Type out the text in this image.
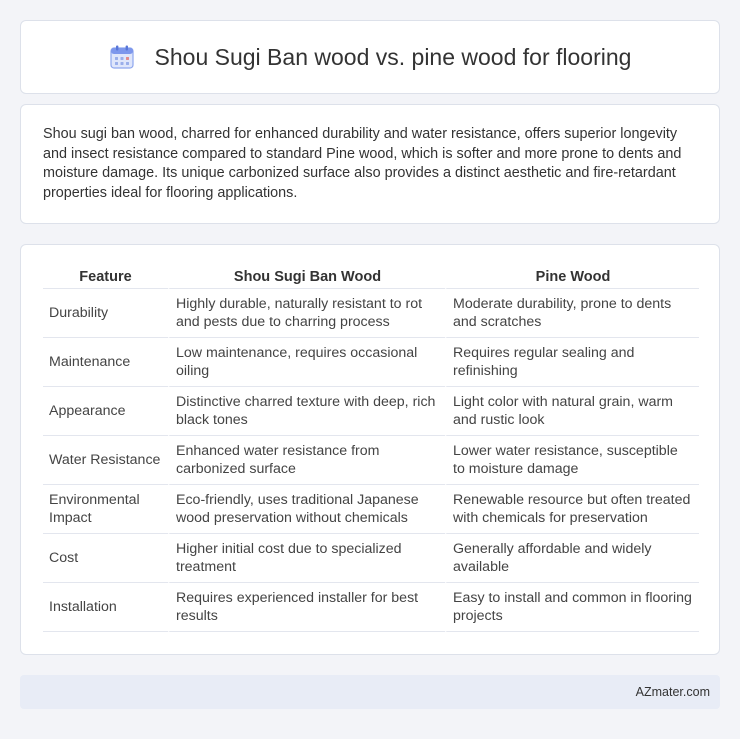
Shou Sugi Ban wood vs. pine wood for flooring

Shou sugi ban wood, charred for enhanced durability and water resistance, offers superior longevity and insect resistance compared to standard Pine wood, which is softer and more prone to dents and moisture damage. Its unique carbonized surface also provides a distinct aesthetic and fire-retardant properties ideal for flooring applications.

Feature	Shou Sugi Ban Wood	Pine Wood
Durability	Highly durable, naturally resistant to rot and pests due to charring process	Moderate durability, prone to dents and scratches
Maintenance	Low maintenance, requires occasional oiling	Requires regular sealing and refinishing
Appearance	Distinctive charred texture with deep, rich black tones	Light color with natural grain, warm and rustic look
Water Resistance	Enhanced water resistance from carbonized surface	Lower water resistance, susceptible to moisture damage
Environmental Impact	Eco-friendly, uses traditional Japanese wood preservation without chemicals	Renewable resource but often treated with chemicals for preservation
Cost	Higher initial cost due to specialized treatment	Generally affordable and widely available
Installation	Requires experienced installer for best results	Easy to install and common in flooring projects
AZmater.com
